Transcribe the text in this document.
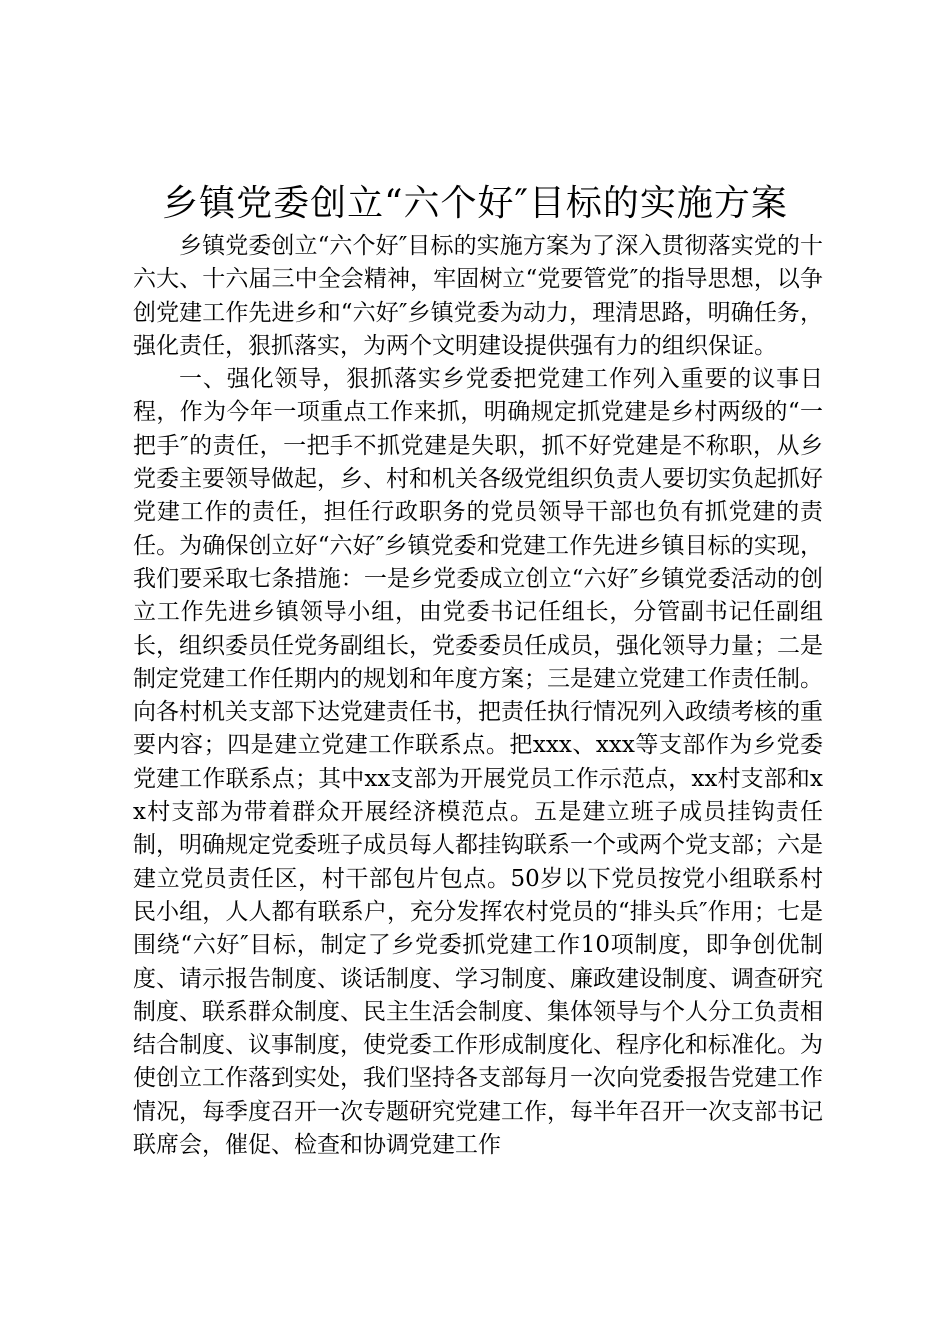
乡镇党委创立“六个好″目标的实施方案

乡镇党委创立“六个好″目标的实施方案为了深入贯彻落实党的十六大、十六届三中全会精神，牢固树立“党要管党″的指导思想，以争创党建工作先进乡和“六好″乡镇党委为动力，理清思路，明确任务，强化责任，狠抓落实，为两个文明建设提供强有力的组织保证。

一、强化领导，狠抓落实乡党委把党建工作列入重要的议事日程，作为今年一项重点工作来抓，明确规定抓党建是乡村两级的“一把手″的责任，一把手不抓党建是失职，抓不好党建是不称职，从乡党委主要领导做起，乡、村和机关各级党组织负责人要切实负起抓好党建工作的责任，担任行政职务的党员领导干部也负有抓党建的责任。为确保创立好“六好″乡镇党委和党建工作先进乡镇目标的实现，我们要采取七条措施：一是乡党委成立创立“六好″乡镇党委活动的创立工作先进乡镇领导小组，由党委书记任组长，分管副书记任副组长，组织委员任党务副组长，党委委员任成员，强化领导力量；二是制定党建工作任期内的规划和年度方案；三是建立党建工作责任制。向各村机关支部下达党建责任书，把责任执行情况列入政绩考核的重要内容；四是建立党建工作联系点。把xxx、xxx等支部作为乡党委党建工作联系点；其中xx支部为开展党员工作示范点，xx村支部和xx村支部为带着群众开展经济模范点。五是建立班子成员挂钩责任制，明确规定党委班子成员每人都挂钩联系一个或两个党支部；六是建立党员责任区，村干部包片包点。50岁以下党员按党小组联系村民小组，人人都有联系户，充分发挥农村党员的“排头兵″作用；七是围绕“六好″目标，制定了乡党委抓党建工作10项制度，即争创优制度、请示报告制度、谈话制度、学习制度、廉政建设制度、调查研究制度、联系群众制度、民主生活会制度、集体领导与个人分工负责相结合制度、议事制度，使党委工作形成制度化、程序化和标准化。为使创立工作落到实处，我们坚持各支部每月一次向党委报告党建工作情况，每季度召开一次专题研究党建工作，每半年召开一次支部书记联席会，催促、检查和协调党建工作
